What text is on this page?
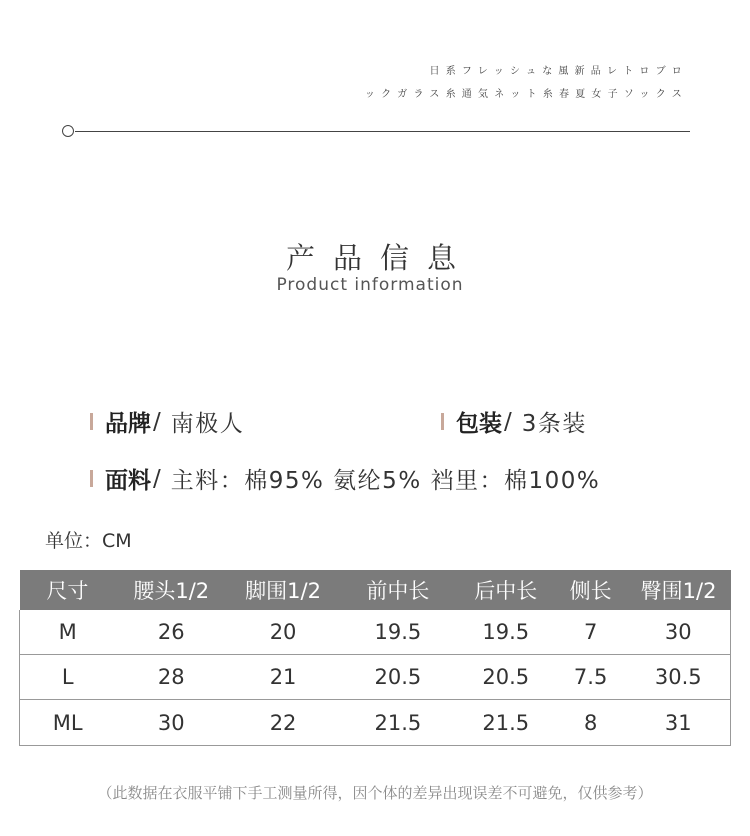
日系フレッシュな風新品レトロブロ
ックガラス糸通気ネット糸春夏女子ソックス
产品信息
Product information
品牌 / 南极人	包装 / 3条装
面料 / 主料：棉95% 氨纶5% 裆里：棉100%
单位：CM
尺寸	腰头1/2	脚围1/2	前中长	后中长	侧长	臀围1/2
M	26	20	19.5	19.5	7	30
L	28	21	20.5	20.5	7.5	30.5
ML	30	22	21.5	21.5	8	31
（此数据在衣服平铺下手工测量所得，因个体的差异出现误差不可避免，仅供参考）
